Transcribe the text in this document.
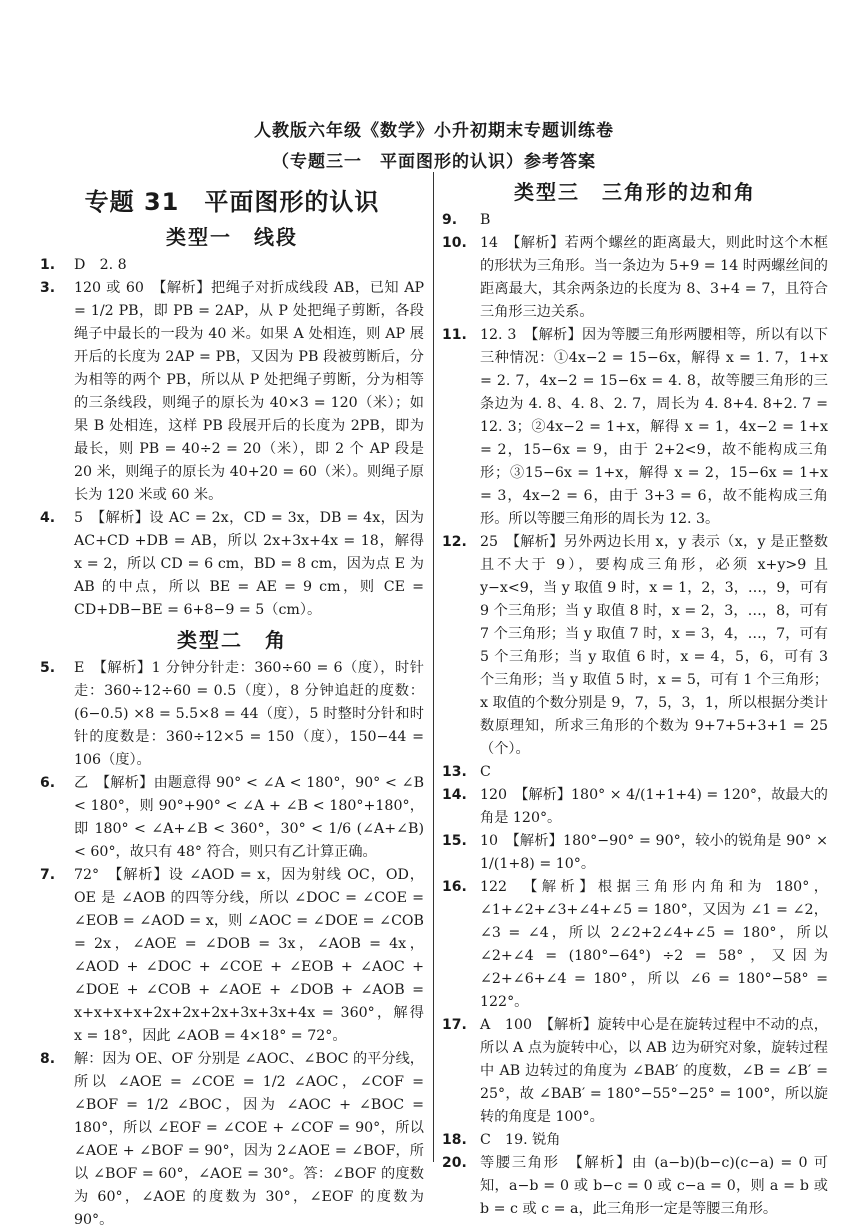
人教版六年级《数学》小升初期末专题训练卷
（专题三一　平面图形的认识）参考答案
专题 31　平面图形的认识
类型一　线段

1. D　2. 8

3. 120 或 60　【解析】把绳子对折成线段 AB，已知 AP = 1/2 PB，即 PB = 2AP，从 P 处把绳子剪断，各段绳子中最长的一段为 40 米。如果 A 处相连，则 AP 展开后的长度为 2AP = PB，又因为 PB 段被剪断后，分为相等的两个 PB，所以从 P 处把绳子剪断，分为相等的三条线段，则绳子的原长为 40×3 = 120（米）；如果 B 处相连，这样 PB 段展开后的长度为 2PB，即为最长，则 PB = 40÷2 = 20（米），即 2 个 AP 段是 20 米，则绳子的原长为 40+20 = 60（米）。则绳子原长为 120 米或 60 米。

4. 5　【解析】设 AC = 2x，CD = 3x，DB = 4x，因为 AC+CD +DB = AB，所以 2x+3x+4x = 18，解得 x = 2，所以 CD = 6 cm，BD = 8 cm，因为点 E 为 AB 的中点，所以 BE = AE = 9 cm，则 CE = CD+DB−BE = 6+8−9 = 5（cm）。

类型二　角

5. E　【解析】1 分钟分针走：360÷60 = 6（度），时针走：360÷12÷60 = 0.5（度），8 分钟追赶的度数：(6−0.5) ×8 = 5.5×8 = 44（度），5 时整时分针和时针的度数是：360÷12×5 = 150（度），150−44 = 106（度）。

6. 乙　【解析】由题意得 90° < ∠A < 180°，90° < ∠B < 180°，则 90°+90° < ∠A + ∠B < 180°+180°，即 180° < ∠A+∠B < 360°，30° < 1/6 (∠A+∠B) < 60°，故只有 48° 符合，则只有乙计算正确。

7. 72°　【解析】设 ∠AOD = x，因为射线 OC，OD，OE 是 ∠AOB 的四等分线，所以 ∠DOC = ∠COE = ∠EOB = ∠AOD = x，则 ∠AOC = ∠DOE = ∠COB = 2x，∠AOE = ∠DOB = 3x，∠AOB = 4x，∠AOD + ∠DOC + ∠COE + ∠EOB + ∠AOC + ∠DOE + ∠COB + ∠AOE + ∠DOB + ∠AOB = x+x+x+x+2x+2x+2x+3x+3x+4x = 360°，解得 x = 18°，因此 ∠AOB = 4×18° = 72°。

8. 解：因为 OE、OF 分别是 ∠AOC、∠BOC 的平分线，所以 ∠AOE = ∠COE = 1/2 ∠AOC，∠COF = ∠BOF = 1/2 ∠BOC，因为 ∠AOC + ∠BOC = 180°，所以 ∠EOF = ∠COE + ∠COF = 90°，所以 ∠AOE + ∠BOF = 90°，因为 2∠AOE = ∠BOF，所以 ∠BOF = 60°，∠AOE = 30°。答：∠BOF 的度数为 60°，∠AOE 的度数为 30°，∠EOF 的度数为 90°。

类型三　三角形的边和角

9. B

10. 14　【解析】若两个螺丝的距离最大，则此时这个木框的形状为三角形。当一条边为 5+9 = 14 时两螺丝间的距离最大，其余两条边的长度为 8、3+4 = 7，且符合三角形三边关系。

11. 12. 3　【解析】因为等腰三角形两腰相等，所以有以下三种情况：①4x−2 = 15−6x，解得 x = 1. 7，1+x = 2. 7，4x−2 = 15−6x = 4. 8，故等腰三角形的三条边为 4. 8、4. 8、2. 7，周长为 4. 8+4. 8+2. 7 = 12. 3；②4x−2 = 1+x，解得 x = 1，4x−2 = 1+x = 2，15−6x = 9，由于 2+2<9，故不能构成三角形；③15−6x = 1+x，解得 x = 2，15−6x = 1+x = 3，4x−2 = 6，由于 3+3 = 6，故不能构成三角形。所以等腰三角形的周长为 12. 3。

12. 25　【解析】另外两边长用 x，y 表示（x，y 是正整数且不大于 9），要构成三角形，必须 x+y>9 且 y−x<9，当 y 取值 9 时，x = 1，2，3，…，9，可有 9 个三角形；当 y 取值 8 时，x = 2，3，…，8，可有 7 个三角形；当 y 取值 7 时，x = 3，4，…，7，可有 5 个三角形；当 y 取值 6 时，x = 4，5，6，可有 3 个三角形；当 y 取值 5 时，x = 5，可有 1 个三角形；x 取值的个数分别是 9，7，5，3，1，所以根据分类计数原理知，所求三角形的个数为 9+7+5+3+1 = 25（个）。

13. C

14. 120　【解析】180° × 4/(1+1+4) = 120°，故最大的角是 120°。

15. 10　【解析】180°−90° = 90°，较小的锐角是 90° × 1/(1+8) = 10°。

16. 122　【解析】根据三角形内角和为 180°，∠1+∠2+∠3+∠4+∠5 = 180°，又因为 ∠1 = ∠2，∠3 = ∠4，所以 2∠2+2∠4+∠5 = 180°，所以 ∠2+∠4 = (180°−64°) ÷2 = 58°，又因为 ∠2+∠6+∠4 = 180°，所以 ∠6 = 180°−58° = 122°。

17. A　100　【解析】旋转中心是在旋转过程中不动的点，所以 A 点为旋转中心，以 AB 边为研究对象，旋转过程中 AB 边转过的角度为 ∠BAB′ 的度数，∠B = ∠B′ = 25°，故 ∠BAB′ = 180°−55°−25° = 100°，所以旋转的角度是 100°。

18. C　19. 锐角

20. 等腰三角形　【解析】由 (a−b)(b−c)(c−a) = 0 可知，a−b = 0 或 b−c = 0 或 c−a = 0，则 a = b 或 b = c 或 c = a，此三角形一定是等腰三角形。
